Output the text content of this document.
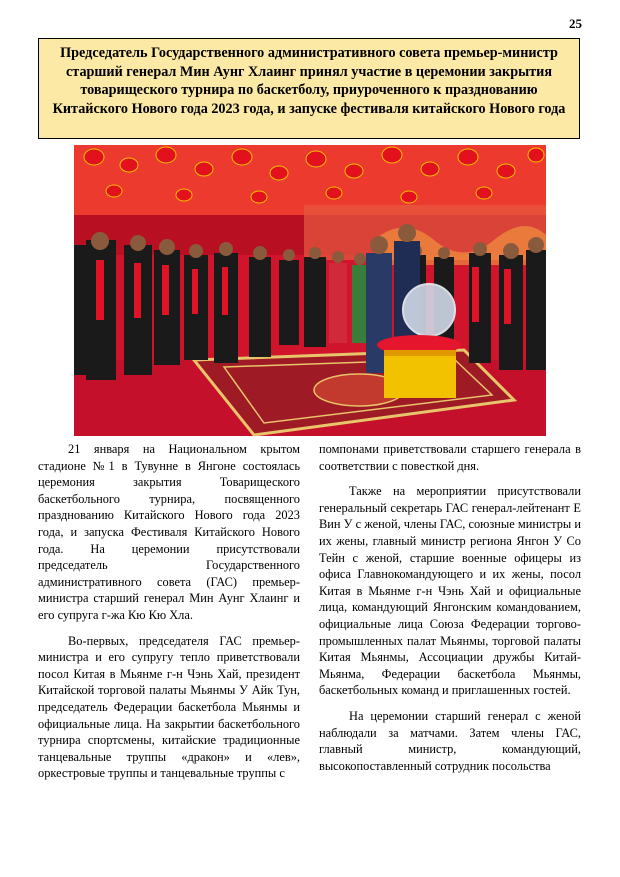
25
Председатель Государственного административного совета премьер-министр старший генерал Мин Аунг Хлаинг принял участие в церемонии закрытия товарищеского турнира по баскетболу, приуроченного к празднованию Китайского Нового года 2023 года, и запуске фестиваля китайского Нового года

21 января на Национальном крытом стадионе №1 в Тувунне в Янгоне состоялась церемония закрытия Товарищеского баскетбольного турнира, посвященного празднованию Китайского Нового года 2023 года, и запуска Фестиваля Китайского Нового года. На церемонии присутствовали председатель Государственного административного совета (ГАС) премьер-министра старший генерал Мин Аунг Хлаинг и его супруга г-жа Кю Кю Хла.

Во-первых, председателя ГАС премьер-министра и его супругу тепло приветствовали посол Китая в Мьянме г-н Чэнь Хай, президент Китайской торговой палаты Мьянмы У Айк Тун, председатель Федерации баскетбола Мьянмы и официальные лица. На закрытии баскетбольного турнира спортсмены, китайские традиционные танцевальные труппы «дракон» и «лев», оркестровые труппы и танцевальные труппы с

помпонами приветствовали старшего генерала в соответствии с повесткой дня.

Также на мероприятии присутствовали генеральный секретарь ГАС генерал-лейтенант Е Вин У с женой, члены ГАС, союзные министры и их жены, главный министр региона Янгон У Со Тейн с женой, старшие военные офицеры из офиса Главнокомандующего и их жены, посол Китая в Мьянме г-н Чэнь Хай и официальные лица, командующий Янгонским командованием, официальные лица Союза Федерации торгово-промышленных палат Мьянмы, торговой палаты Китая Мьянмы, Ассоциации дружбы Китай-Мьянма, Федерации баскетбола Мьянмы, баскетбольных команд и приглашенных гостей.

На церемонии старший генерал с женой наблюдали за матчами. Затем члены ГАС, главный министр, командующий, высокопоставленный сотрудник посольства
